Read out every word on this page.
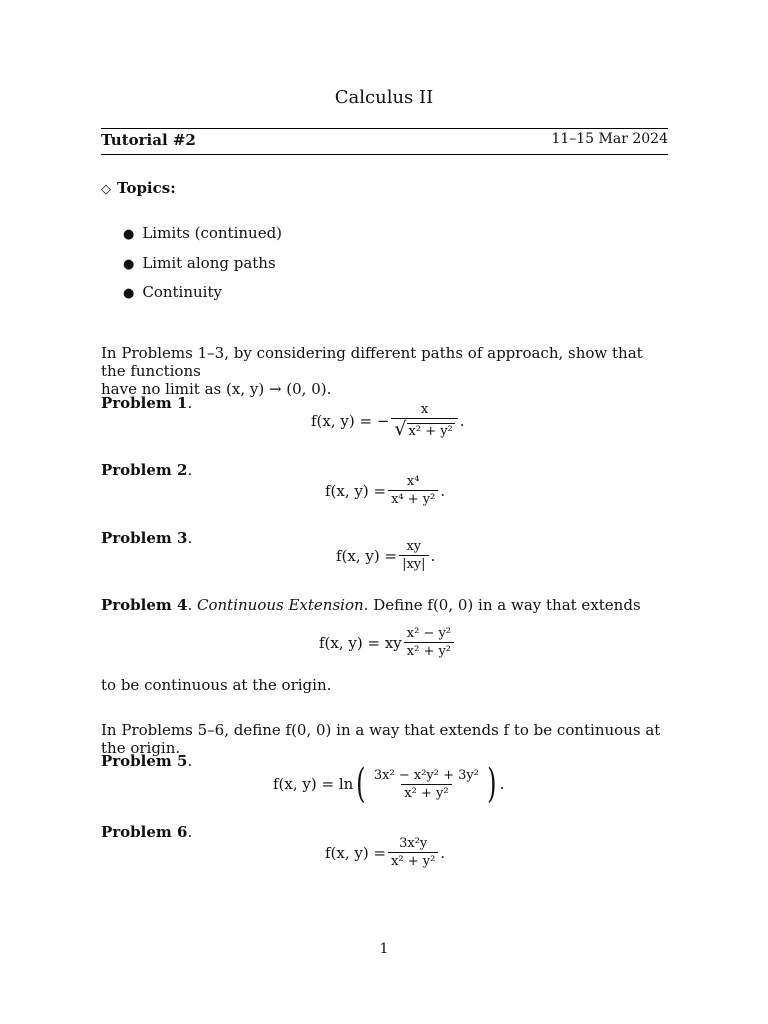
Calculus II
Tutorial #2	11–15 Mar 2024
◇ Topics:
● Limits (continued)
● Limit along paths
● Continuity
In Problems 1–3, by considering different paths of approach, show that the functions
have no limit as (x, y) → (0, 0).
Problem 1.
f(x, y) = − $\frac{x}{\text{√ x² + y²}}$ .
Problem 2.
f(x, $y) = \frac{\text{x⁴}}{\text{x⁴ + y²}}$ .
Problem 3.
f(x, $y) = \frac{xy}{|xy|}$ .
Problem 4. Continuous Extension. Define f(0, 0) in a way that extends
f(x, y) = xy $\frac{\text{x² − y²}}{\text{x² + y²}}$
to be continuous at the origin.
In Problems 5–6, define f(0, 0) in a way that extends f to be continuous at the origin.
Problem 5.
f(x, y) = ln ( $\frac{\text{3x² − x²y² + 3y²}}{\text{x² + y²}}$ ) .
Problem 6.
f(x, $y) = \frac{\text{3x²y}}{\text{x² + y²}}$ .
1
